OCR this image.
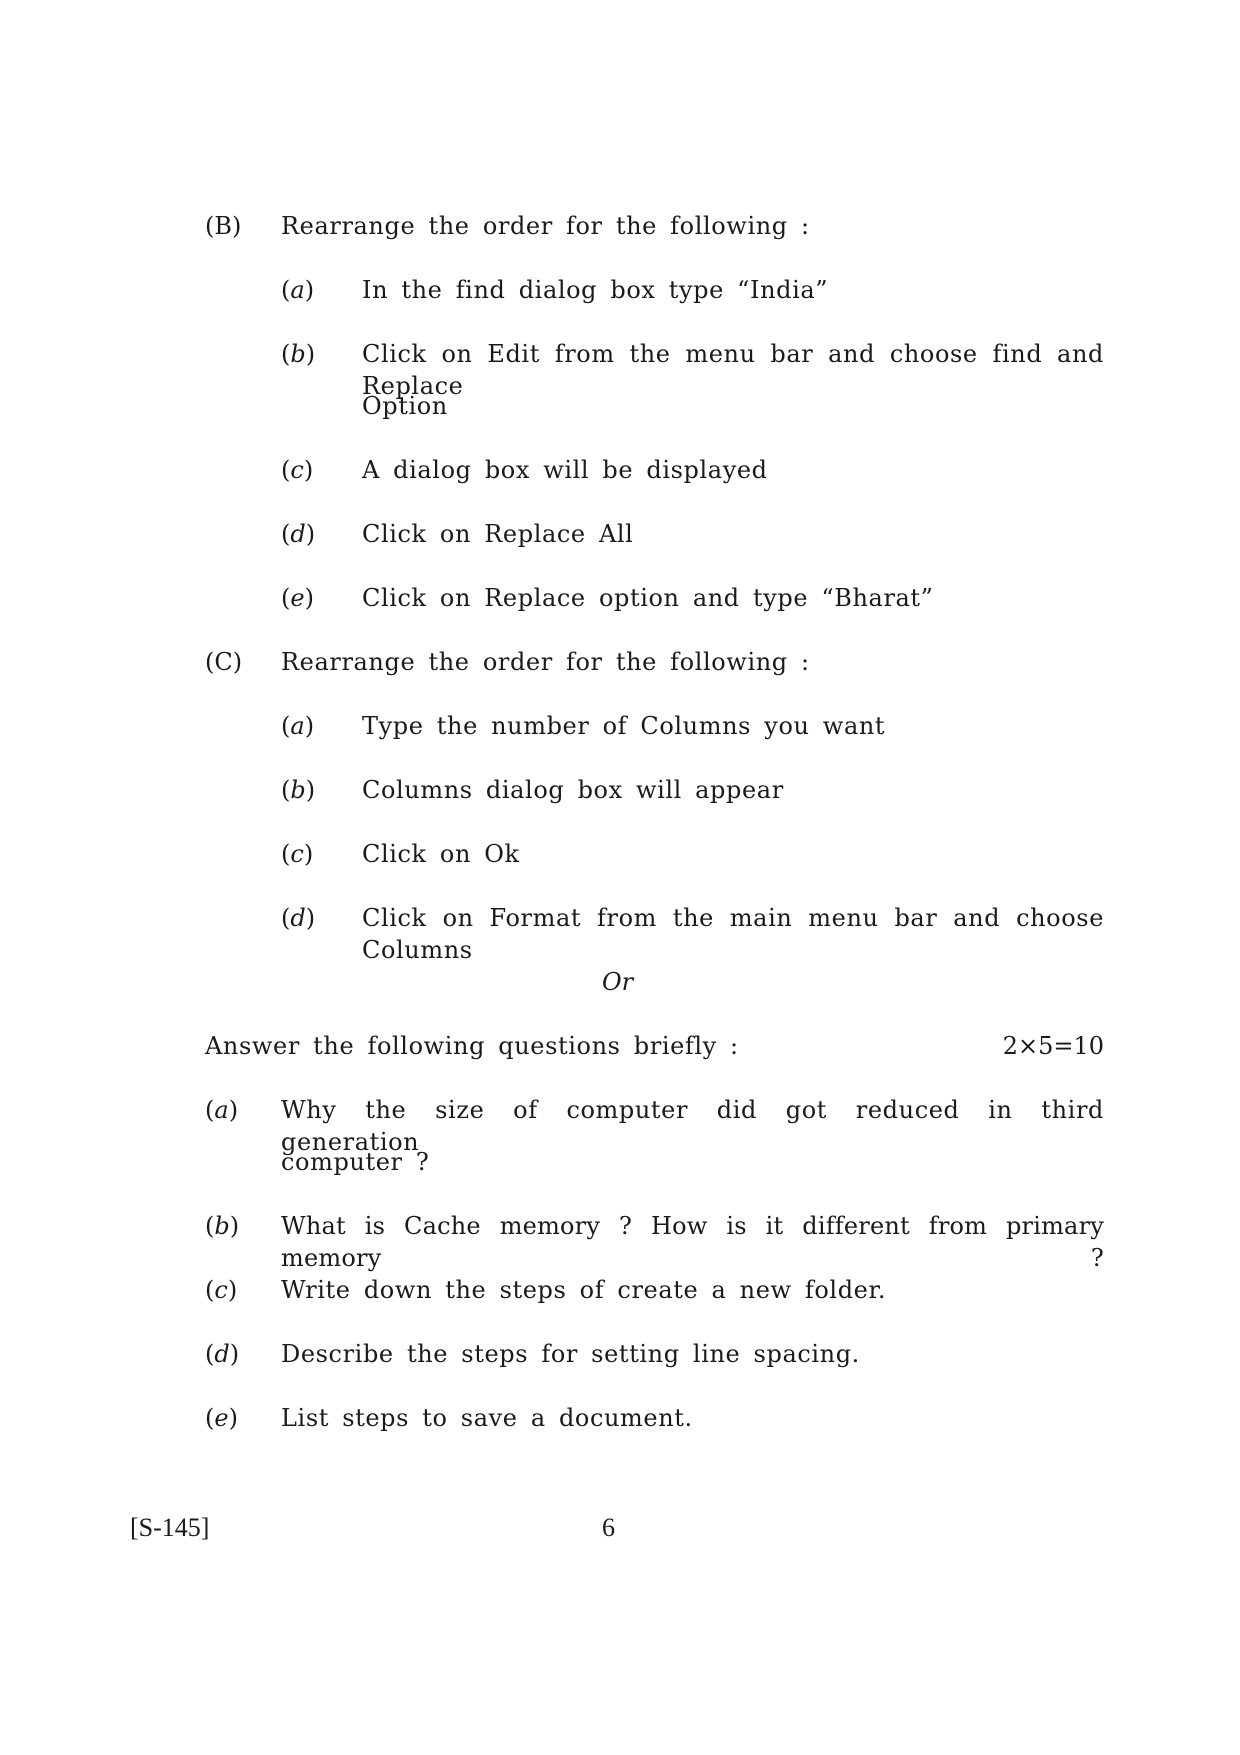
(B) Rearrange the order for the following :
(a) In the find dialog box type “India”
(b) Click on Edit from the menu bar and choose find and Replace
Option
(c) A dialog box will be displayed
(d) Click on Replace All
(e) Click on Replace option and type “Bharat”
(C) Rearrange the order for the following :
(a) Type the number of Columns you want
(b) Columns dialog box will appear
(c) Click on Ok
(d) Click on Format from the main menu bar and choose Columns
Or
Answer the following questions briefly :	2×5=10
(a) Why the size of computer did got reduced in third generation
computer ?
(b) What is Cache memory ? How is it different from primary memory ?
(c) Write down the steps of create a new folder.
(d) Describe the steps for setting line spacing.
(e) List steps to save a document.
[S-145]	6
